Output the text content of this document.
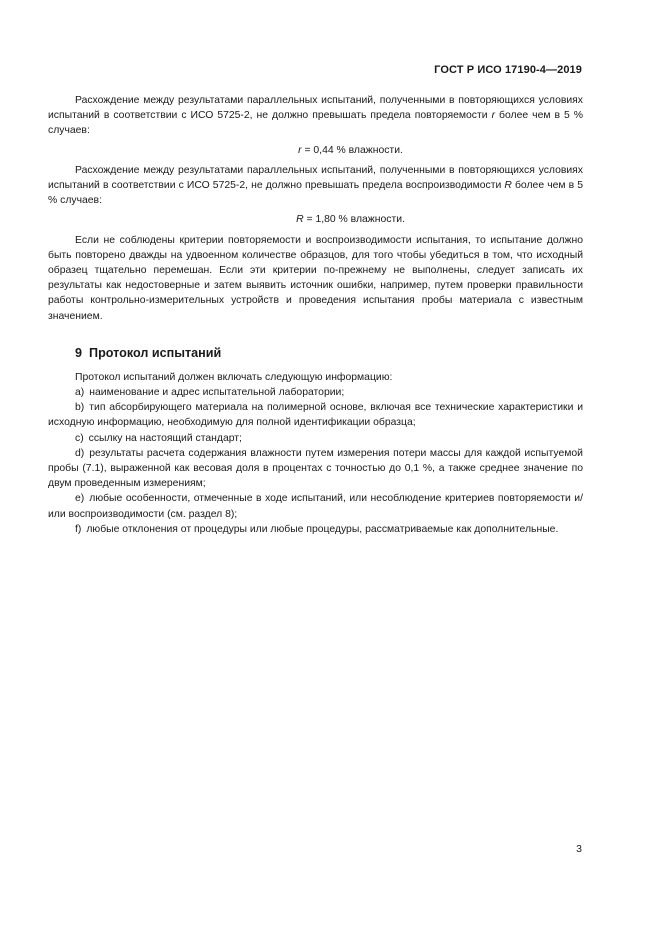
ГОСТ Р ИСО 17190-4—2019

Расхождение между результатами параллельных испытаний, полученными в повторяющихся условиях испытаний в соответствии с ИСО 5725-2, не должно превышать предела повторяемости r более чем в 5 % случаев:

r = 0,44 % влажности.

Расхождение между результатами параллельных испытаний, полученными в повторяющихся условиях испытаний в соответствии с ИСО 5725-2, не должно превышать предела воспроизводимости R более чем в 5 % случаев:

R = 1,80 % влажности.

Если не соблюдены критерии повторяемости и воспроизводимости испытания, то испытание должно быть повторено дважды на удвоенном количестве образцов, для того чтобы убедиться в том, что исходный образец тщательно перемешан. Если эти критерии по-прежнему не выполнены, следует записать их результаты как недостоверные и затем выявить источник ошибки, например, путем проверки правильности работы контрольно-измерительных устройств и проведения испытания пробы материала с известным значением.

9 Протокол испытаний

Протокол испытаний должен включать следующую информацию:

a) наименование и адрес испытательной лаборатории;

b) тип абсорбирующего материала на полимерной основе, включая все технические характеристики и исходную информацию, необходимую для полной идентификации образца;

c) ссылку на настоящий стандарт;

d) результаты расчета содержания влажности путем измерения потери массы для каждой испытуемой пробы (7.1), выраженной как весовая доля в процентах с точностью до 0,1 %, а также среднее значение по двум проведенным измерениям;

e) любые особенности, отмеченные в ходе испытаний, или несоблюдение критериев повторяемости и/или воспроизводимости (см. раздел 8);

f) любые отклонения от процедуры или любые процедуры, рассматриваемые как дополнительные.

3
